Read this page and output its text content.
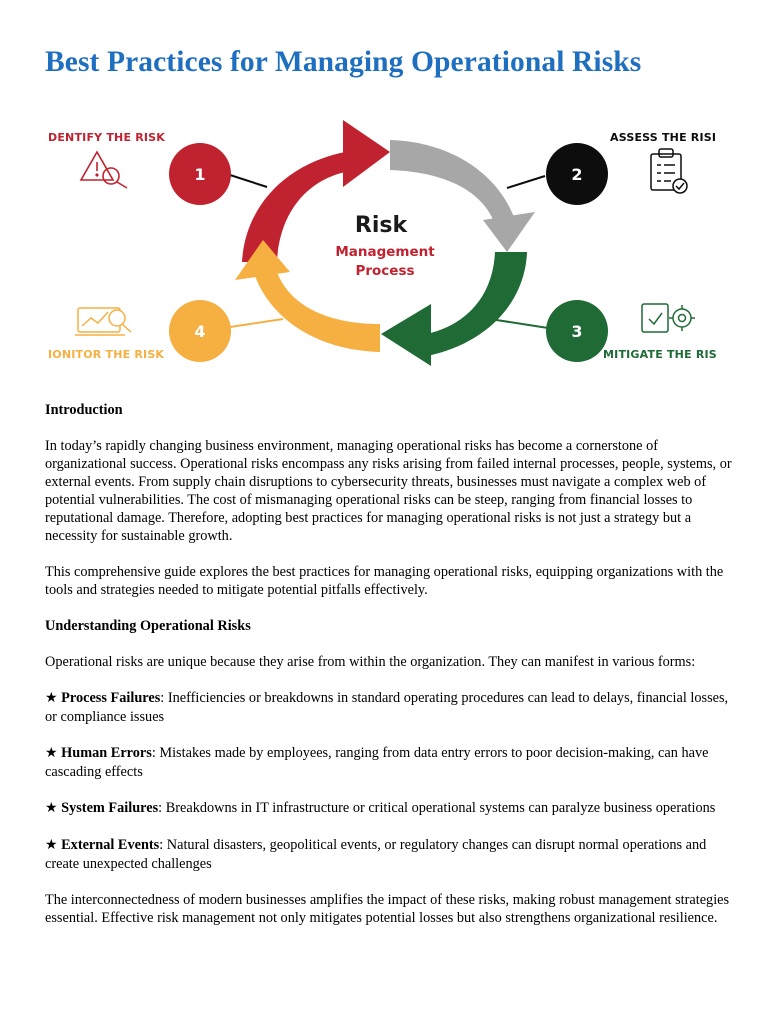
Best Practices for Managing Operational Risks
Risk
Management
Process
1	2
3
4
DENTIFY THE RISK	ASSESS THE RISI
MITIGATE THE RIS
IONITOR THE RISK
Introduction

In today’s rapidly changing business environment, managing operational risks has become a cornerstone of organizational success. Operational risks encompass any risks arising from failed internal processes, people, systems, or external events. From supply chain disruptions to cybersecurity threats, businesses must navigate a complex web of potential vulnerabilities. The cost of mismanaging operational risks can be steep, ranging from financial losses to reputational damage. Therefore, adopting best practices for managing operational risks is not just a strategy but a necessity for sustainable growth.

This comprehensive guide explores the best practices for managing operational risks, equipping organizations with the tools and strategies needed to mitigate potential pitfalls effectively.

Understanding Operational Risks

Operational risks are unique because they arise from within the organization. They can manifest in various forms:

★ Process Failures: Inefficiencies or breakdowns in standard operating procedures can lead to delays, financial losses, or compliance issues

★ Human Errors: Mistakes made by employees, ranging from data entry errors to poor decision-making, can have cascading effects

★ System Failures: Breakdowns in IT infrastructure or critical operational systems can paralyze business operations

★ External Events: Natural disasters, geopolitical events, or regulatory changes can disrupt normal operations and create unexpected challenges

The interconnectedness of modern businesses amplifies the impact of these risks, making robust management strategies essential. Effective risk management not only mitigates potential losses but also strengthens organizational resilience.
